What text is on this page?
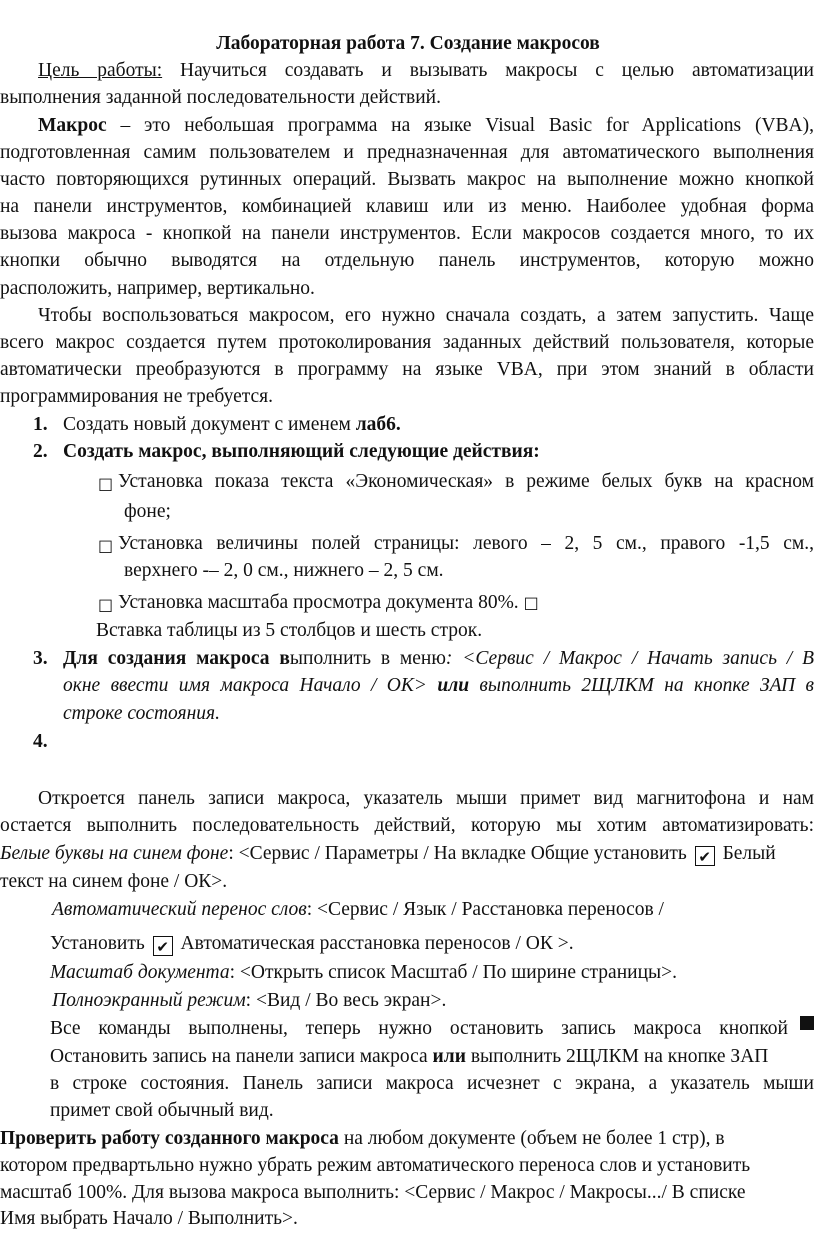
Лабораторная работа 7. Создание макросов
Цель работы: Научиться создавать и вызывать макросы с целью автоматизации
выполнения заданной последовательности действий.
Макрос – это небольшая программа на языке Visual Basic for Applications (VBA),
подготовленная самим пользователем и предназначенная для автоматического выполнения
часто повторяющихся рутинных операций. Вызвать макрос на выполнение можно кнопкой
на панели инструментов, комбинацией клавиш или из меню. Наиболее удобная форма
вызова макроса - кнопкой на панели инструментов. Если макросов создается много, то их
кнопки обычно выводятся на отдельную панель инструментов, которую можно
расположить, например, вертикально.
Чтобы воспользоваться макросом, его нужно сначала создать, а затем запустить. Чаще
всего макрос создается путем протоколирования заданных действий пользователя, которые
автоматически преобразуются в программу на языке VBA, при этом знаний в области
программирования не требуется.
1. Создать новый документ с именем лаб6.
2. Создать макрос, выполняющий следующие действия:
□ Установка показа текста «Экономическая» в режиме белых букв на красном
фоне;
□ Установка величины полей страницы: левого – 2, 5 см., правого -1,5 см.,
верхнего -– 2, 0 см., нижнего – 2, 5 см.
□ Установка масштаба просмотра документа 80%. □
Вставка таблицы из 5 столбцов и шесть строк.
3. Для создания макроса выполнить в меню: <Сервис / Макрос / Начать запись / В
окне ввести имя макроса Начало / ОК> или выполнить 2ЩЛКМ на кнопке ЗАП в
строке состояния.
4.
Откроется панель записи макроса, указатель мыши примет вид магнитофона и нам
остается выполнить последовательность действий, которую мы хотим автоматизировать:
Белые буквы на синем фоне: <Сервис / Параметры / На вкладке Общие установить ✔ Белый
текст на синем фоне / ОК>.
Автоматический перенос слов: <Сервис / Язык / Расстановка переносов /
Установить ✔ Автоматическая расстановка переносов / ОК >.
Масштаб документа: <Открыть список Масштаб / По ширине страницы>.
Полноэкранный режим: <Вид / Во весь экран>.
Все команды выполнены, теперь нужно остановить запись макроса кнопкой
Остановить запись на панели записи макроса или выполнить 2ЩЛКМ на кнопке ЗАП
в строке состояния. Панель записи макроса исчезнет с экрана, а указатель мыши
примет свой обычный вид.
Проверить работу созданного макроса на любом документе (объем не более 1 стр), в
котором предвартьльно нужно убрать режим автоматического переноса слов и установить
масштаб 100%. Для вызова макроса выполнить: <Сервис / Макрос / Макросы.../ В списке
Имя выбрать Начало / Выполнить>.
